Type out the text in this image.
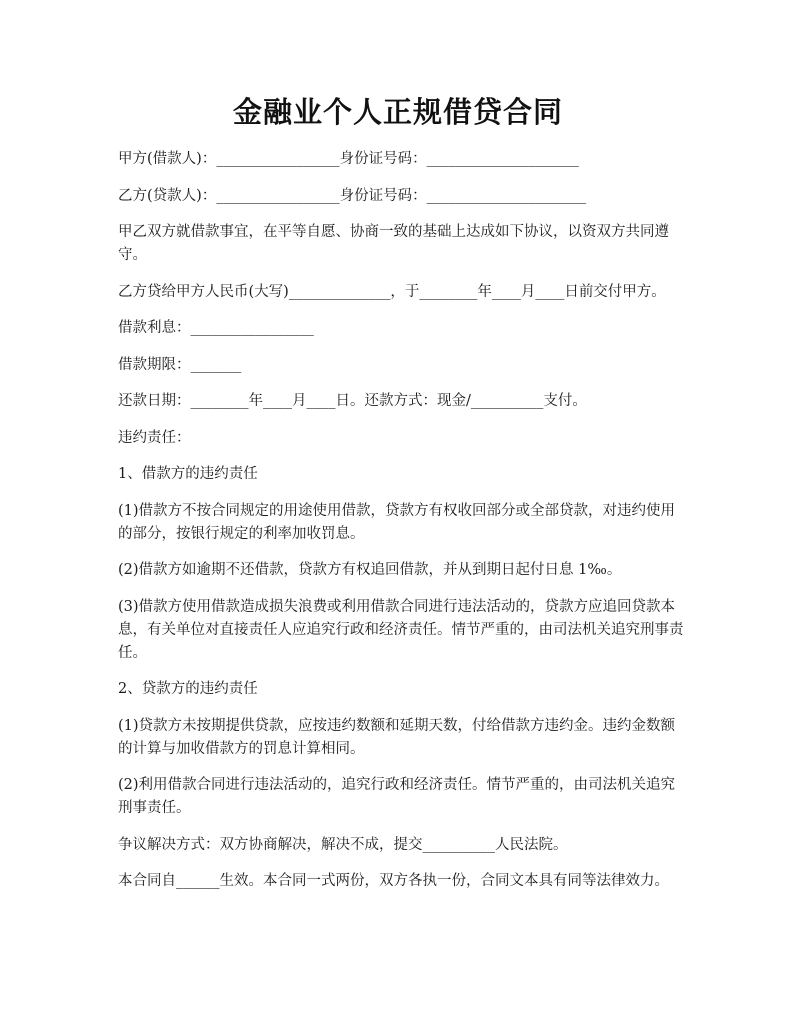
金融业个人正规借贷合同

甲方(借款人)：_________________身份证号码：_____________________

乙方(贷款人)：_________________身份证号码：______________________

甲乙双方就借款事宜，在平等自愿、协商一致的基础上达成如下协议，以资双方共同遵守。

乙方贷给甲方人民币(大写)______________，于________年____月____日前交付甲方。

借款利息：_________________

借款期限：_______

还款日期：________年____月____日。还款方式：现金/__________支付。

违约责任：

1、借款方的违约责任

(1)借款方不按合同规定的用途使用借款，贷款方有权收回部分或全部贷款，对违约使用的部分，按银行规定的利率加收罚息。

(2)借款方如逾期不还借款，贷款方有权追回借款，并从到期日起付日息 1‰。

(3)借款方使用借款造成损失浪费或利用借款合同进行违法活动的，贷款方应追回贷款本息，有关单位对直接责任人应追究行政和经济责任。情节严重的，由司法机关追究刑事责任。

2、贷款方的违约责任

(1)贷款方未按期提供贷款，应按违约数额和延期天数，付给借款方违约金。违约金数额的计算与加收借款方的罚息计算相同。

(2)利用借款合同进行违法活动的，追究行政和经济责任。情节严重的，由司法机关追究刑事责任。

争议解决方式：双方协商解决，解决不成，提交__________人民法院。

本合同自______生效。本合同一式两份，双方各执一份，合同文本具有同等法律效力。
